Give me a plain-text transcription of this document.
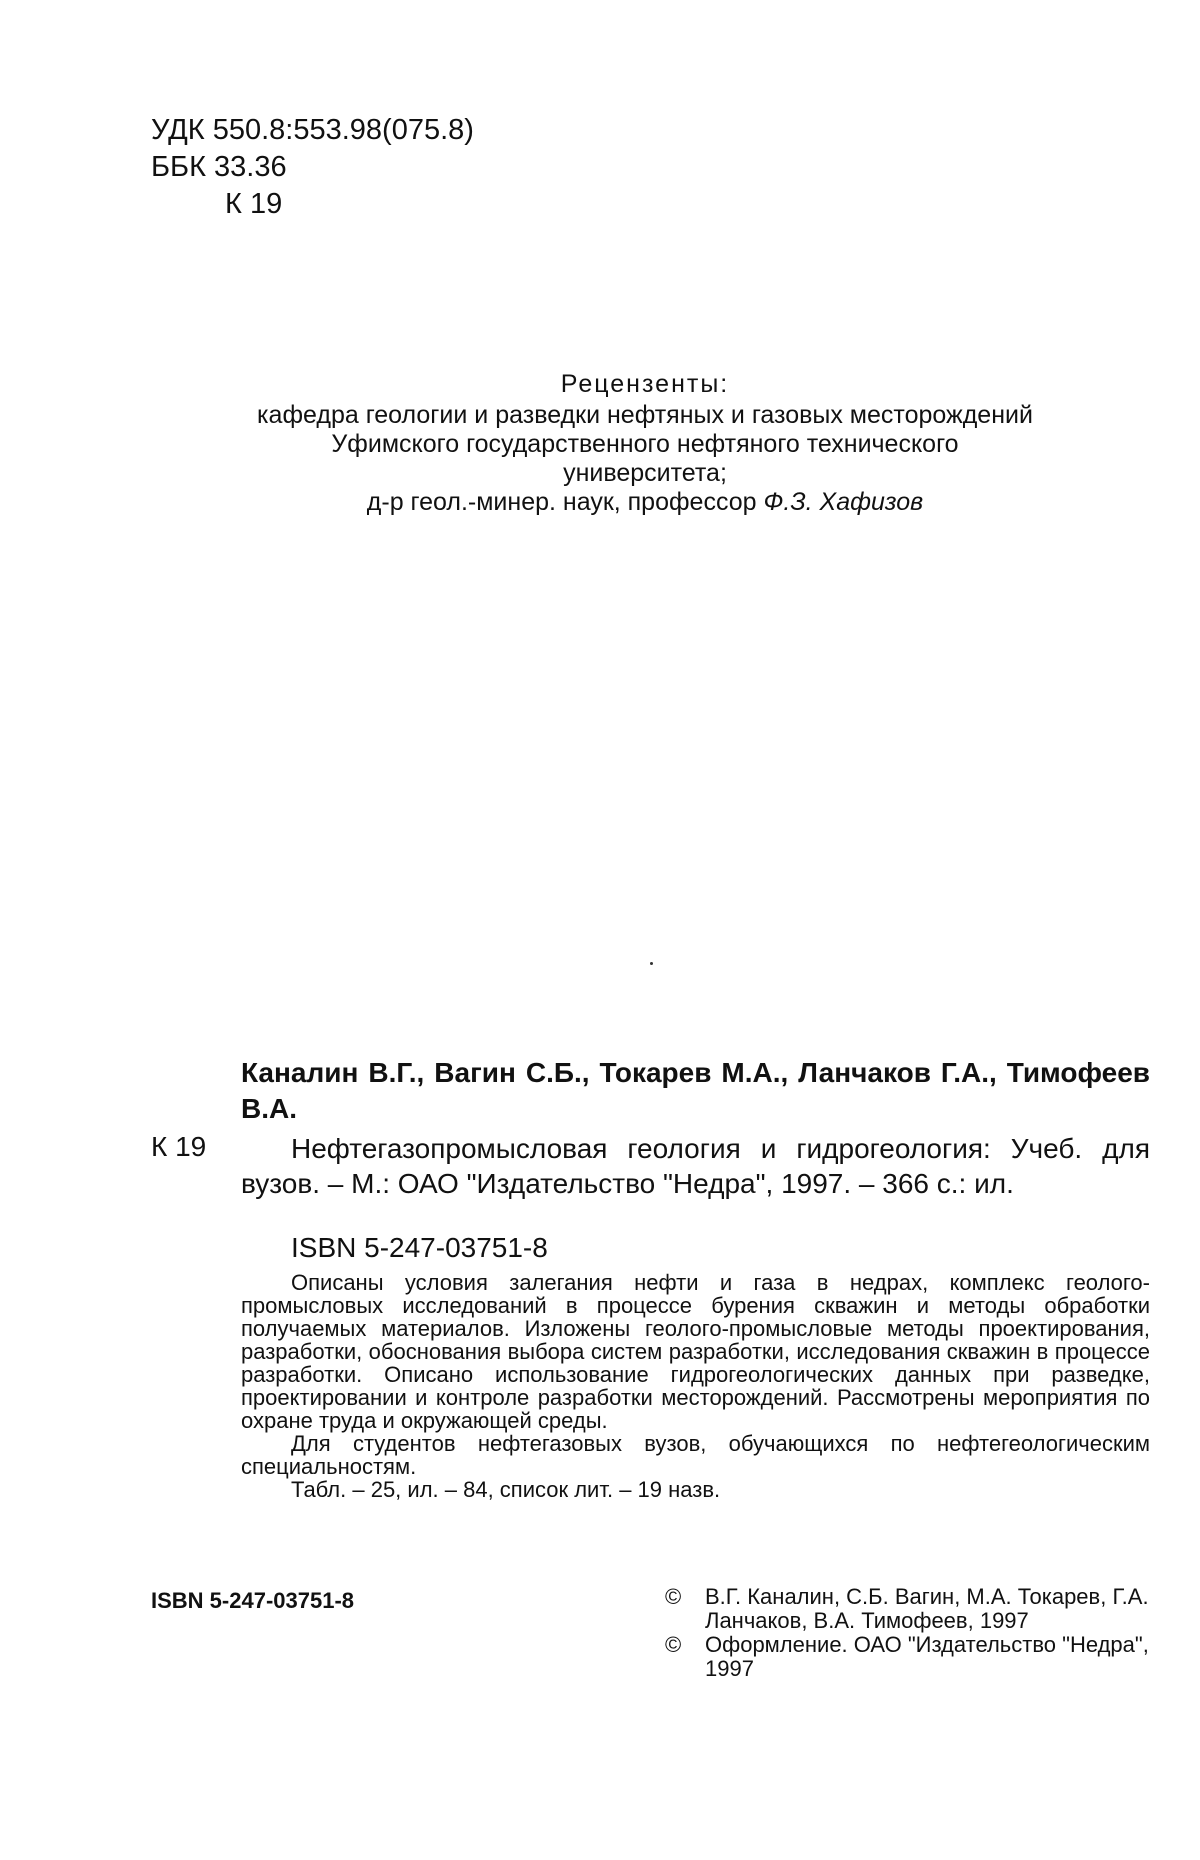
УДК 550.8:553.98(075.8)
ББК 33.36
К 19
Рецензенты:
кафедра геологии и разведки нефтяных и газовых месторождений
Уфимского государственного нефтяного технического
университета;
д-р геол.-минер. наук, профессор Ф.З. Хафизов
Каналин В.Г., Вагин С.Б., Токарев М.А., Ланчаков Г.А., Тимофеев В.А.
К 19	Нефтегазопромысловая геология и гидрогеология: Учеб. для вузов. – М.: ОАО "Издательство "Недра", 1997. – 366 с.: ил.
ISBN 5-247-03751-8

Описаны условия залегания нефти и газа в недрах, комплекс геолого-промысловых исследований в процессе бурения скважин и методы обработки получаемых материалов. Изложены геолого-промысловые методы проектирования, разработки, обоснования выбора систем разработки, исследования скважин в процессе разработки. Описано использование гидрогеологических данных при разведке, проектировании и контроле разработки месторождений. Рассмотрены мероприятия по охране труда и окружающей среды.

Для студентов нефтегазовых вузов, обучающихся по нефтегеологическим специальностям.

Табл. – 25, ил. – 84, список лит. – 19 назв.

ISBN 5-247-03751-8	©	В.Г. Каналин, С.Б. Вагин, М.А. Токарев, Г.А. Ланчаков, В.А. Тимофеев, 1997
©	Оформление. ОАО "Издательство "Недра", 1997
